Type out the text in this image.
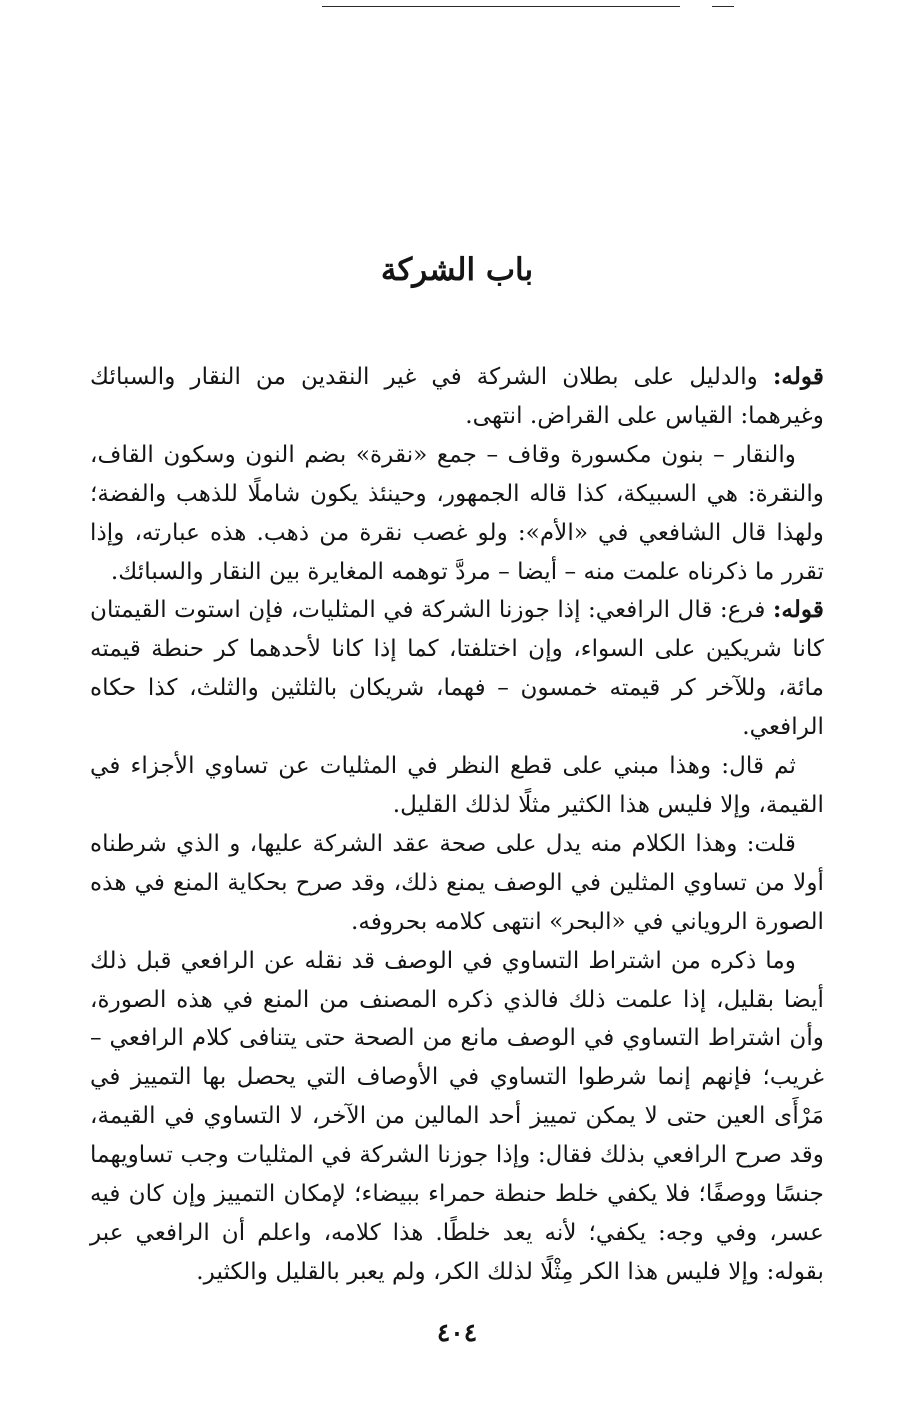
باب الشركة

قوله: والدليل على بطلان الشركة في غير النقدين من النقار والسبائك وغيرهما: القياس على القراض. انتهى.

والنقار – بنون مكسورة وقاف – جمع «نقرة» بضم النون وسكون القاف، والنقرة: هي السبيكة، كذا قاله الجمهور، وحينئذ يكون شاملًا للذهب والفضة؛ ولهذا قال الشافعي في «الأم»: ولو غصب نقرة من ذهب. هذه عبارته، وإذا تقرر ما ذكرناه علمت منه – أيضا – مردَّ توهمه المغايرة بين النقار والسبائك.

قوله: فرع: قال الرافعي: إذا جوزنا الشركة في المثليات، فإن استوت القيمتان كانا شريكين على السواء، وإن اختلفتا، كما إذا كانا لأحدهما كر حنطة قيمته مائة، وللآخر كر قيمته خمسون – فهما، شريكان بالثلثين والثلث، كذا حكاه الرافعي.

ثم قال: وهذا مبني على قطع النظر في المثليات عن تساوي الأجزاء في القيمة، وإلا فليس هذا الكثير مثلًا لذلك القليل.

قلت: وهذا الكلام منه يدل على صحة عقد الشركة عليها، و الذي شرطناه أولا من تساوي المثلين في الوصف يمنع ذلك، وقد صرح بحكاية المنع في هذه الصورة الروياني في «البحر» انتهى كلامه بحروفه.

وما ذكره من اشتراط التساوي في الوصف قد نقله عن الرافعي قبل ذلك أيضا بقليل، إذا علمت ذلك فالذي ذكره المصنف من المنع في هذه الصورة، وأن اشتراط التساوي في الوصف مانع من الصحة حتى يتنافى كلام الرافعي – غريب؛ فإنهم إنما شرطوا التساوي في الأوصاف التي يحصل بها التمييز في مَرْأَى العين حتى لا يمكن تمييز أحد المالين من الآخر، لا التساوي في القيمة، وقد صرح الرافعي بذلك فقال: وإذا جوزنا الشركة في المثليات وجب تساويهما جنسًا ووصفًا؛ فلا يكفي خلط حنطة حمراء ببيضاء؛ لإمكان التمييز وإن كان فيه عسر، وفي وجه: يكفي؛ لأنه يعد خلطًا. هذا كلامه، واعلم أن الرافعي عبر بقوله: وإلا فليس هذا الكر مِثْلًا لذلك الكر، ولم يعبر بالقليل والكثير.

٤٠٤
